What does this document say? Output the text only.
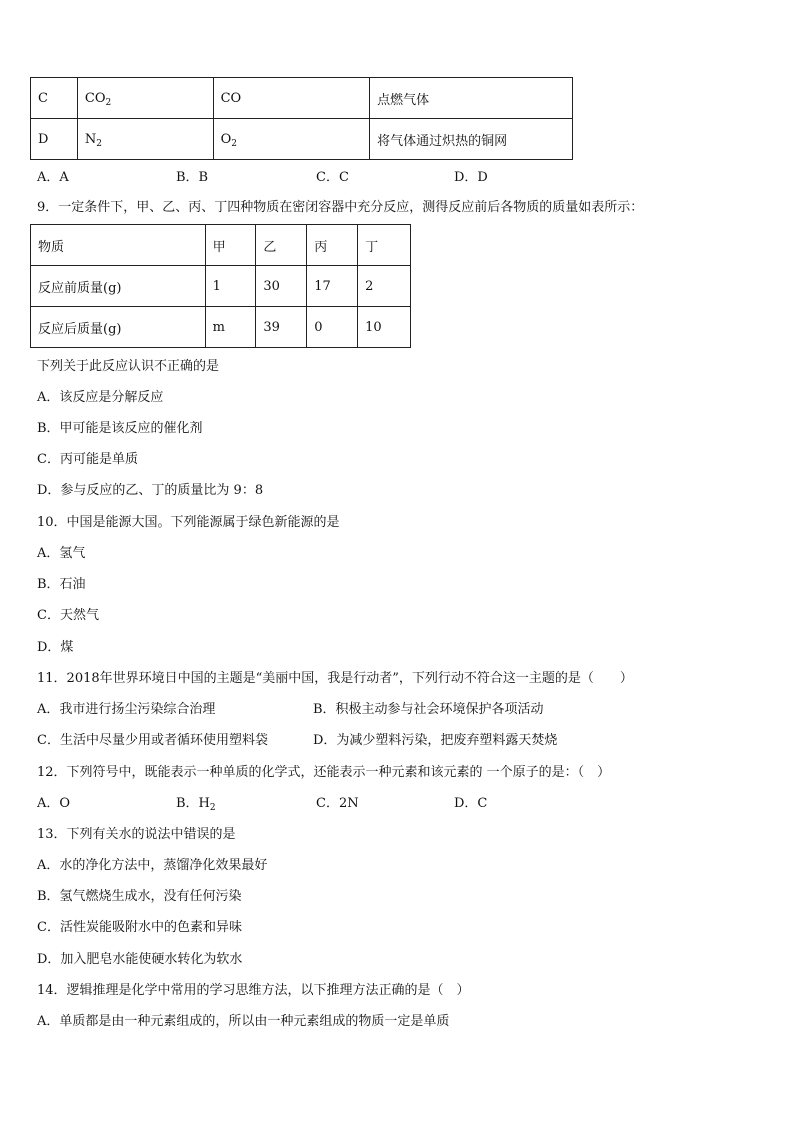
C	$CO_2$	CO	点燃气体
D	$N_2$	$O_2$	将气体通过炽热的铜网
A．A	B．B	C．C	D．D
9．一定条件下，甲、乙、丙、丁四种物质在密闭容器中充分反应，测得反应前后各物质的质量如表所示：
物质	甲	乙	丙	丁
反应前质量(g)	1	30	17	2
反应后质量(g)	m	39	0	10
下列关于此反应认识不正确的是
A．该反应是分解反应
B．甲可能是该反应的催化剂
C．丙可能是单质
D．参与反应的乙、丁的质量比为 9：8
10．中国是能源大国。下列能源属于绿色新能源的是
A．氢气
B．石油
C．天然气
D．煤
11．2018年世界环境日中国的主题是“美丽中国，我是行动者”，下列行动不符合这一主题的是（　　）
A．我市进行扬尘污染综合治理	B．积极主动参与社会环境保护各项活动
C．生活中尽量少用或者循环使用塑料袋	D．为减少塑料污染，把废弃塑料露天焚烧
12．下列符号中，既能表示一种单质的化学式，还能表示一种元素和该元素的 一个原子的是：（　）
A．O	B．$H_2$	C．2N	D．C
13．下列有关水的说法中错误的是
A．水的净化方法中，蒸馏净化效果最好
B．氢气燃烧生成水，没有任何污染
C．活性炭能吸附水中的色素和异味
D．加入肥皂水能使硬水转化为软水
14．逻辑推理是化学中常用的学习思维方法，以下推理方法正确的是（　）
A．单质都是由一种元素组成的，所以由一种元素组成的物质一定是单质
